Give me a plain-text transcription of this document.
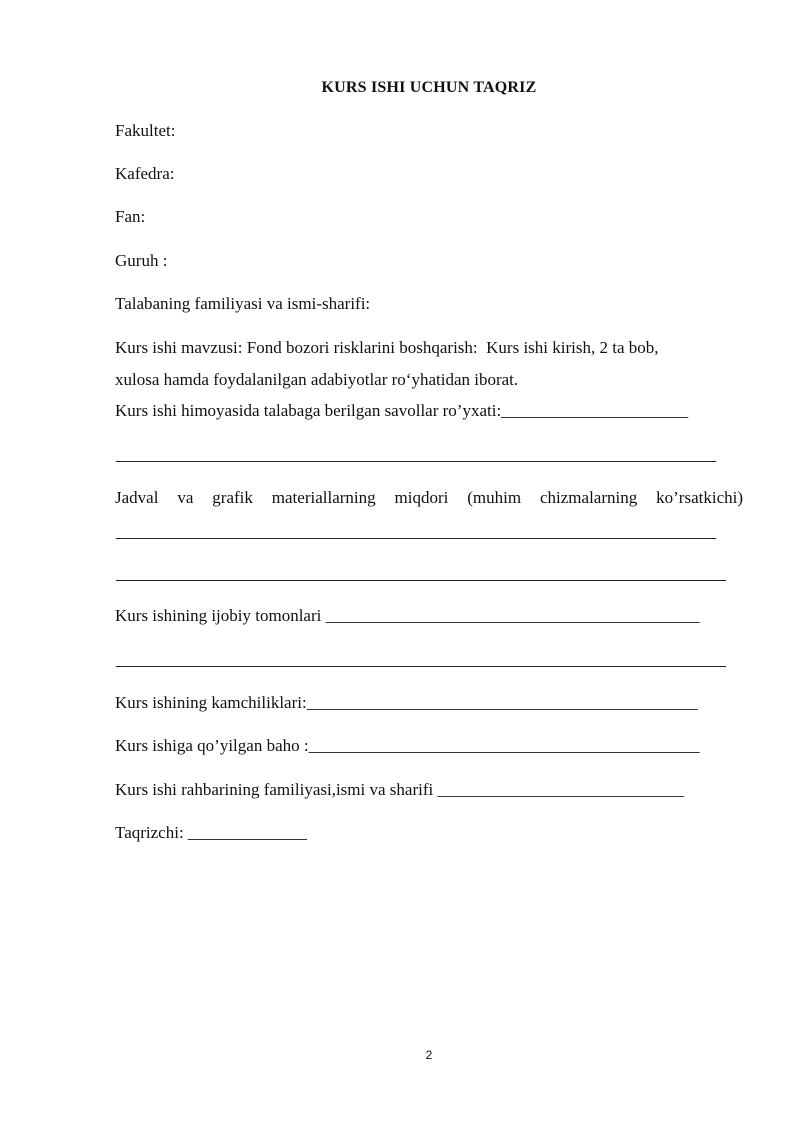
KURS ISHI UCHUN TAQRIZ
Fakultet:
Kafedra:
Fan:
Guruh :
Talabaning familiyasi va ismi-sharifi:
Kurs ishi mavzusi: Fond bozori risklarini boshqarish:  Kurs ishi kirish, 2 ta bob,
xulosa hamda foydalanilgan adabiyotlar ro‘yhatidan iborat.
Kurs ishi himoyasida talabaga berilgan savollar ro’yxati:______________________
Jadval va grafik materiallarning miqdori (muhim chizmalarning ko’rsatkichi)
Kurs ishining ijobiy tomonlari ____________________________________________
Kurs ishining kamchiliklari:______________________________________________
Kurs ishiga qo’yilgan baho :______________________________________________
Kurs ishi rahbarining familiyasi,ismi va sharifi _____________________________
Taqrizchi: ______________
2
